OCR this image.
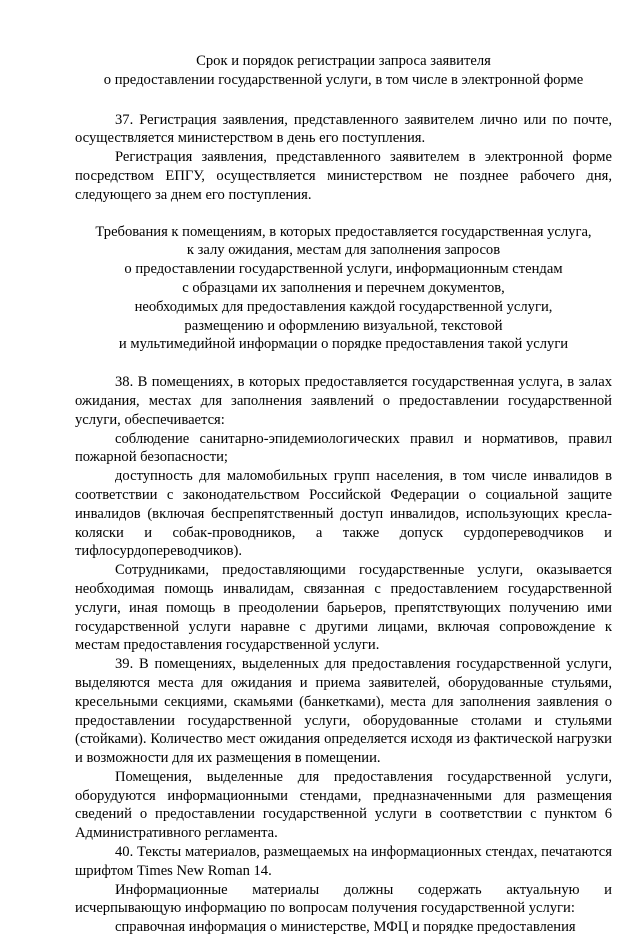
Срок и порядок регистрации запроса заявителя
о предоставлении государственной услуги, в том числе в электронной форме

37. Регистрация заявления, представленного заявителем лично или по почте, осуществляется министерством в день его поступления.

Регистрация заявления, представленного заявителем в электронной форме посредством ЕПГУ, осуществляется министерством не позднее рабочего дня, следующего за днем его поступления.

Требования к помещениям, в которых предоставляется государственная услуга,
к залу ожидания, местам для заполнения запросов
о предоставлении государственной услуги, информационным стендам
с образцами их заполнения и перечнем документов,
необходимых для предоставления каждой государственной услуги,
размещению и оформлению визуальной, текстовой
и мультимедийной информации о порядке предоставления такой услуги

38. В помещениях, в которых предоставляется государственная услуга, в залах ожидания, местах для заполнения заявлений о предоставлении государственной услуги, обеспечивается:

соблюдение санитарно-эпидемиологических правил и нормативов, правил пожарной безопасности;

доступность для маломобильных групп населения, в том числе инвалидов в соответствии с законодательством Российской Федерации о социальной защите инвалидов (включая беспрепятственный доступ инвалидов, использующих кресла-коляски и собак-проводников, а также допуск сурдопереводчиков и тифлосурдопереводчиков).

Сотрудниками, предоставляющими государственные услуги, оказывается необходимая помощь инвалидам, связанная с предоставлением государственной услуги, иная помощь в преодолении барьеров, препятствующих получению ими государственной услуги наравне с другими лицами, включая сопровождение к местам предоставления государственной услуги.

39. В помещениях, выделенных для предоставления государственной услуги, выделяются места для ожидания и приема заявителей, оборудованные стульями, кресельными секциями, скамьями (банкетками), места для заполнения заявления о предоставлении государственной услуги, оборудованные столами и стульями (стойками). Количество мест ожидания определяется исходя из фактической нагрузки и возможности для их размещения в помещении.

Помещения, выделенные для предоставления государственной услуги, оборудуются информационными стендами, предназначенными для размещения сведений о предоставлении государственной услуги в соответствии с пунктом 6 Административного регламента.

40. Тексты материалов, размещаемых на информационных стендах, печатаются шрифтом Times New Roman 14.

Информационные материалы должны содержать актуальную и исчерпывающую информацию по вопросам получения государственной услуги:

справочная информация о министерстве, МФЦ и порядке предоставления
